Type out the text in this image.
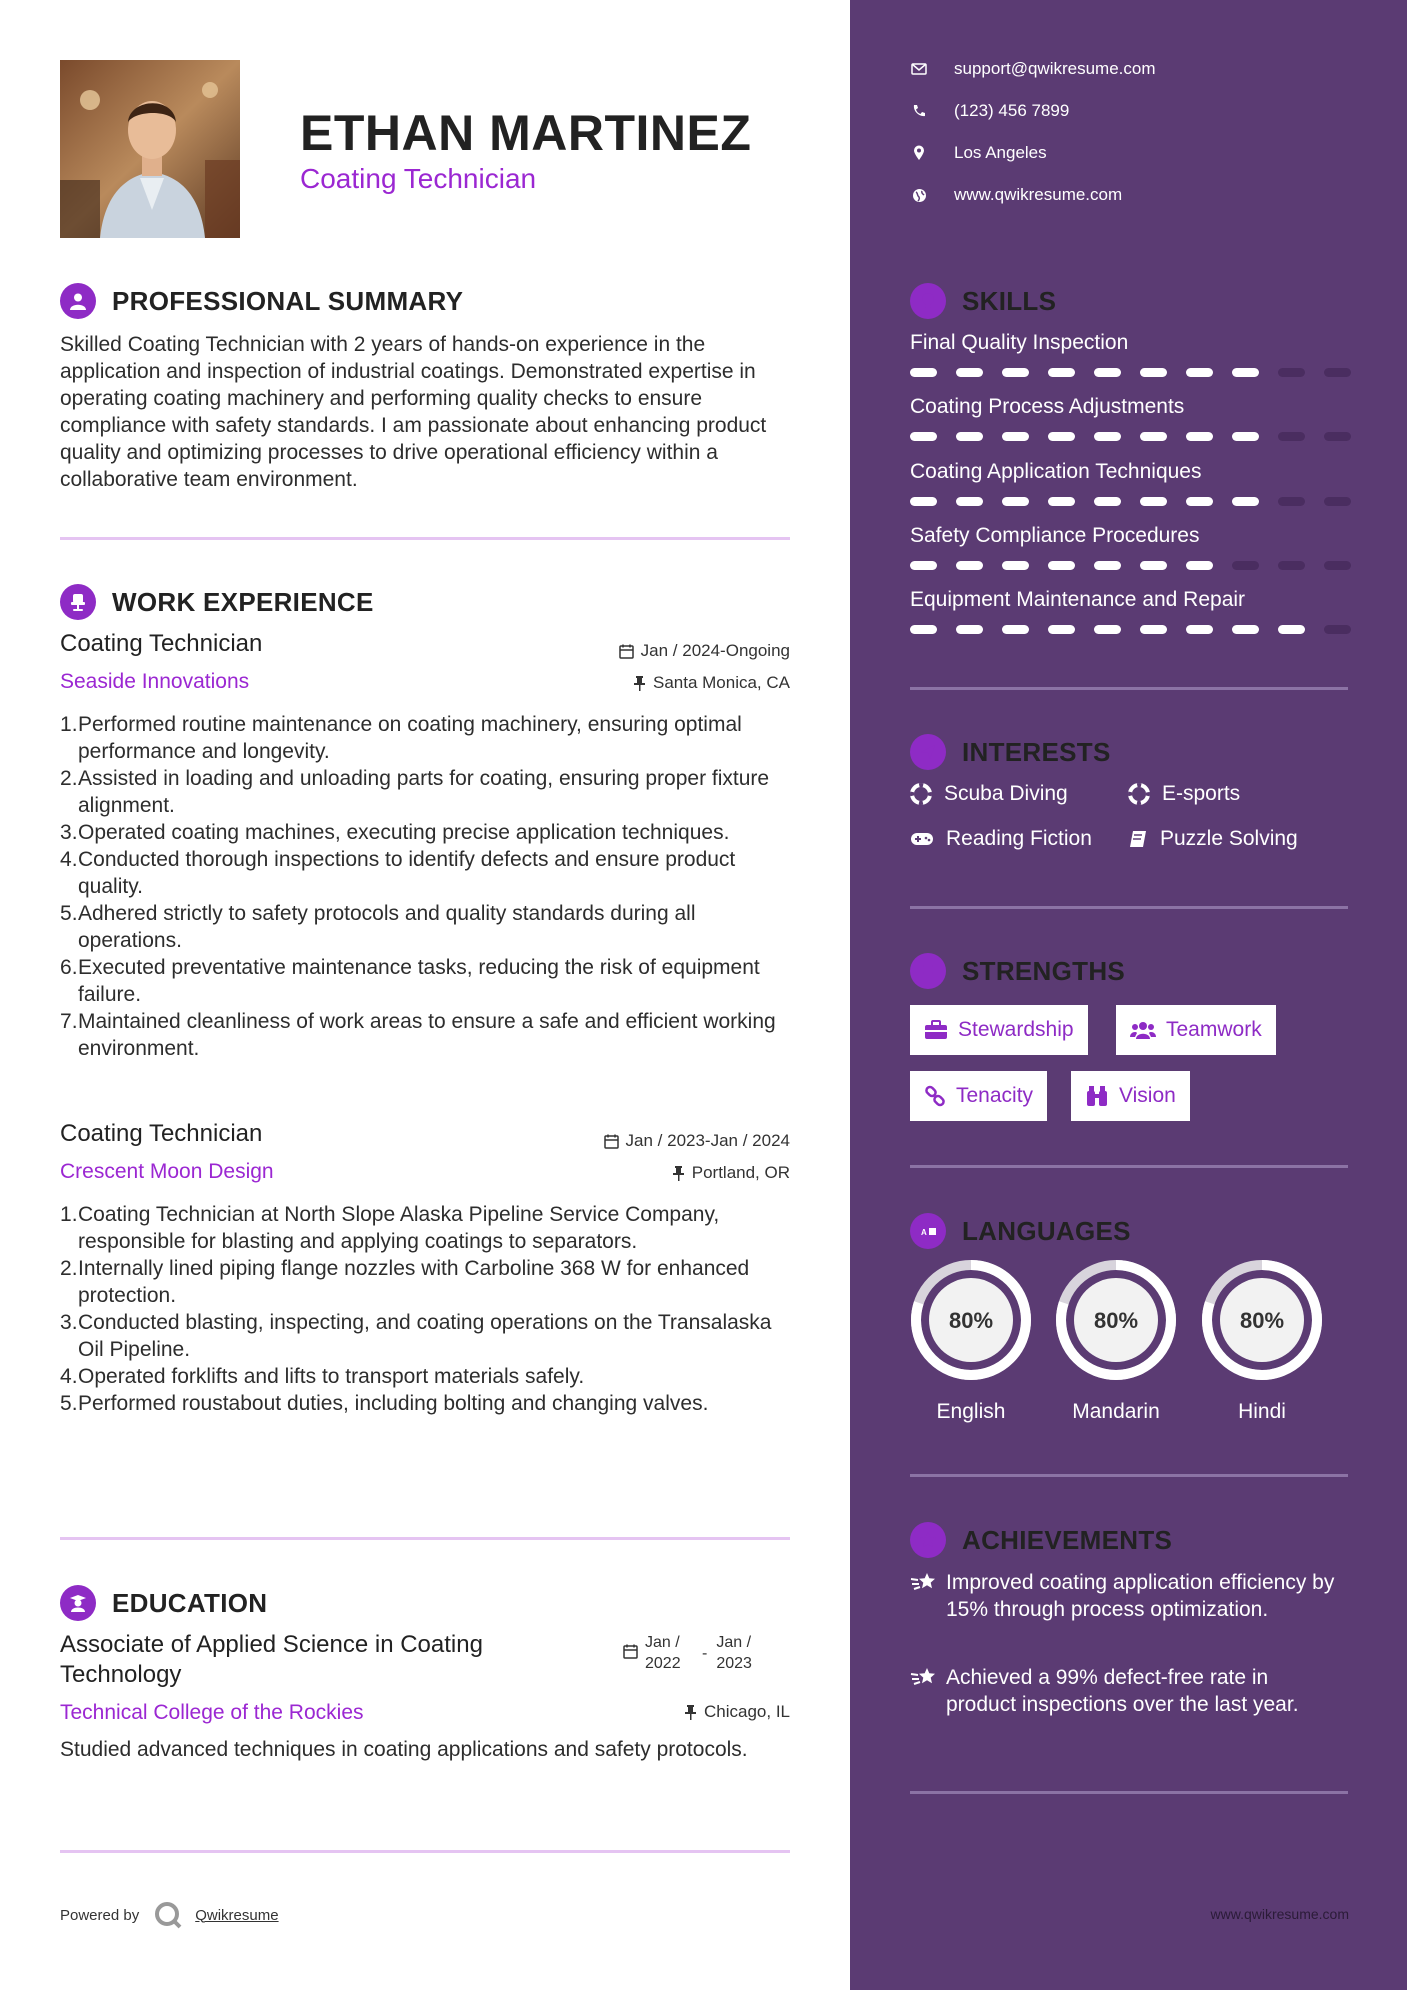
ETHAN MARTINEZ
Coating Technician
PROFESSIONAL SUMMARY
Skilled Coating Technician with 2 years of hands-on experience in the application and inspection of industrial coatings. Demonstrated expertise in operating coating machinery and performing quality checks to ensure compliance with safety standards. I am passionate about enhancing product quality and optimizing processes to drive operational efficiency within a collaborative team environment.
WORK EXPERIENCE
Coating Technician	Jan / 2024-Ongoing
Seaside Innovations	Santa Monica, CA
Performed routine maintenance on coating machinery, ensuring optimal performance and longevity.
Assisted in loading and unloading parts for coating, ensuring proper fixture alignment.
Operated coating machines, executing precise application techniques.
Conducted thorough inspections to identify defects and ensure product quality.
Adhered strictly to safety protocols and quality standards during all operations.
Executed preventative maintenance tasks, reducing the risk of equipment failure.
Maintained cleanliness of work areas to ensure a safe and efficient working environment.
Coating Technician	Jan / 2023-Jan / 2024
Crescent Moon Design	Portland, OR
Coating Technician at North Slope Alaska Pipeline Service Company, responsible for blasting and applying coatings to separators.
Internally lined piping flange nozzles with Carboline 368 W for enhanced protection.
Conducted blasting, inspecting, and coating operations on the Transalaska Oil Pipeline.
Operated forklifts and lifts to transport materials safely.
Performed roustabout duties, including bolting and changing valves.
EDUCATION
Associate of Applied Science in Coating Technology
Jan / 2022
-
Jan / 2023
Technical College of the Rockies	Chicago, IL
Studied advanced techniques in coating applications and safety protocols.
Powered by	Qwikresume
support@qwikresume.com
(123) 456 7899
Los Angeles
www.qwikresume.com
SKILLS
Final Quality Inspection
Coating Process Adjustments
Coating Application Techniques
Safety Compliance Procedures
Equipment Maintenance and Repair
INTERESTS
Scuba Diving	E-sports
Reading Fiction	Puzzle Solving
STRENGTHS
Stewardship	Teamwork
Tenacity	Vision
A LANGUAGES
80%
English
80%
Mandarin
80%
Hindi
ACHIEVEMENTS
Improved coating application efficiency by 15% through process optimization.
Achieved a 99% defect-free rate in product inspections over the last year.
www.qwikresume.com
